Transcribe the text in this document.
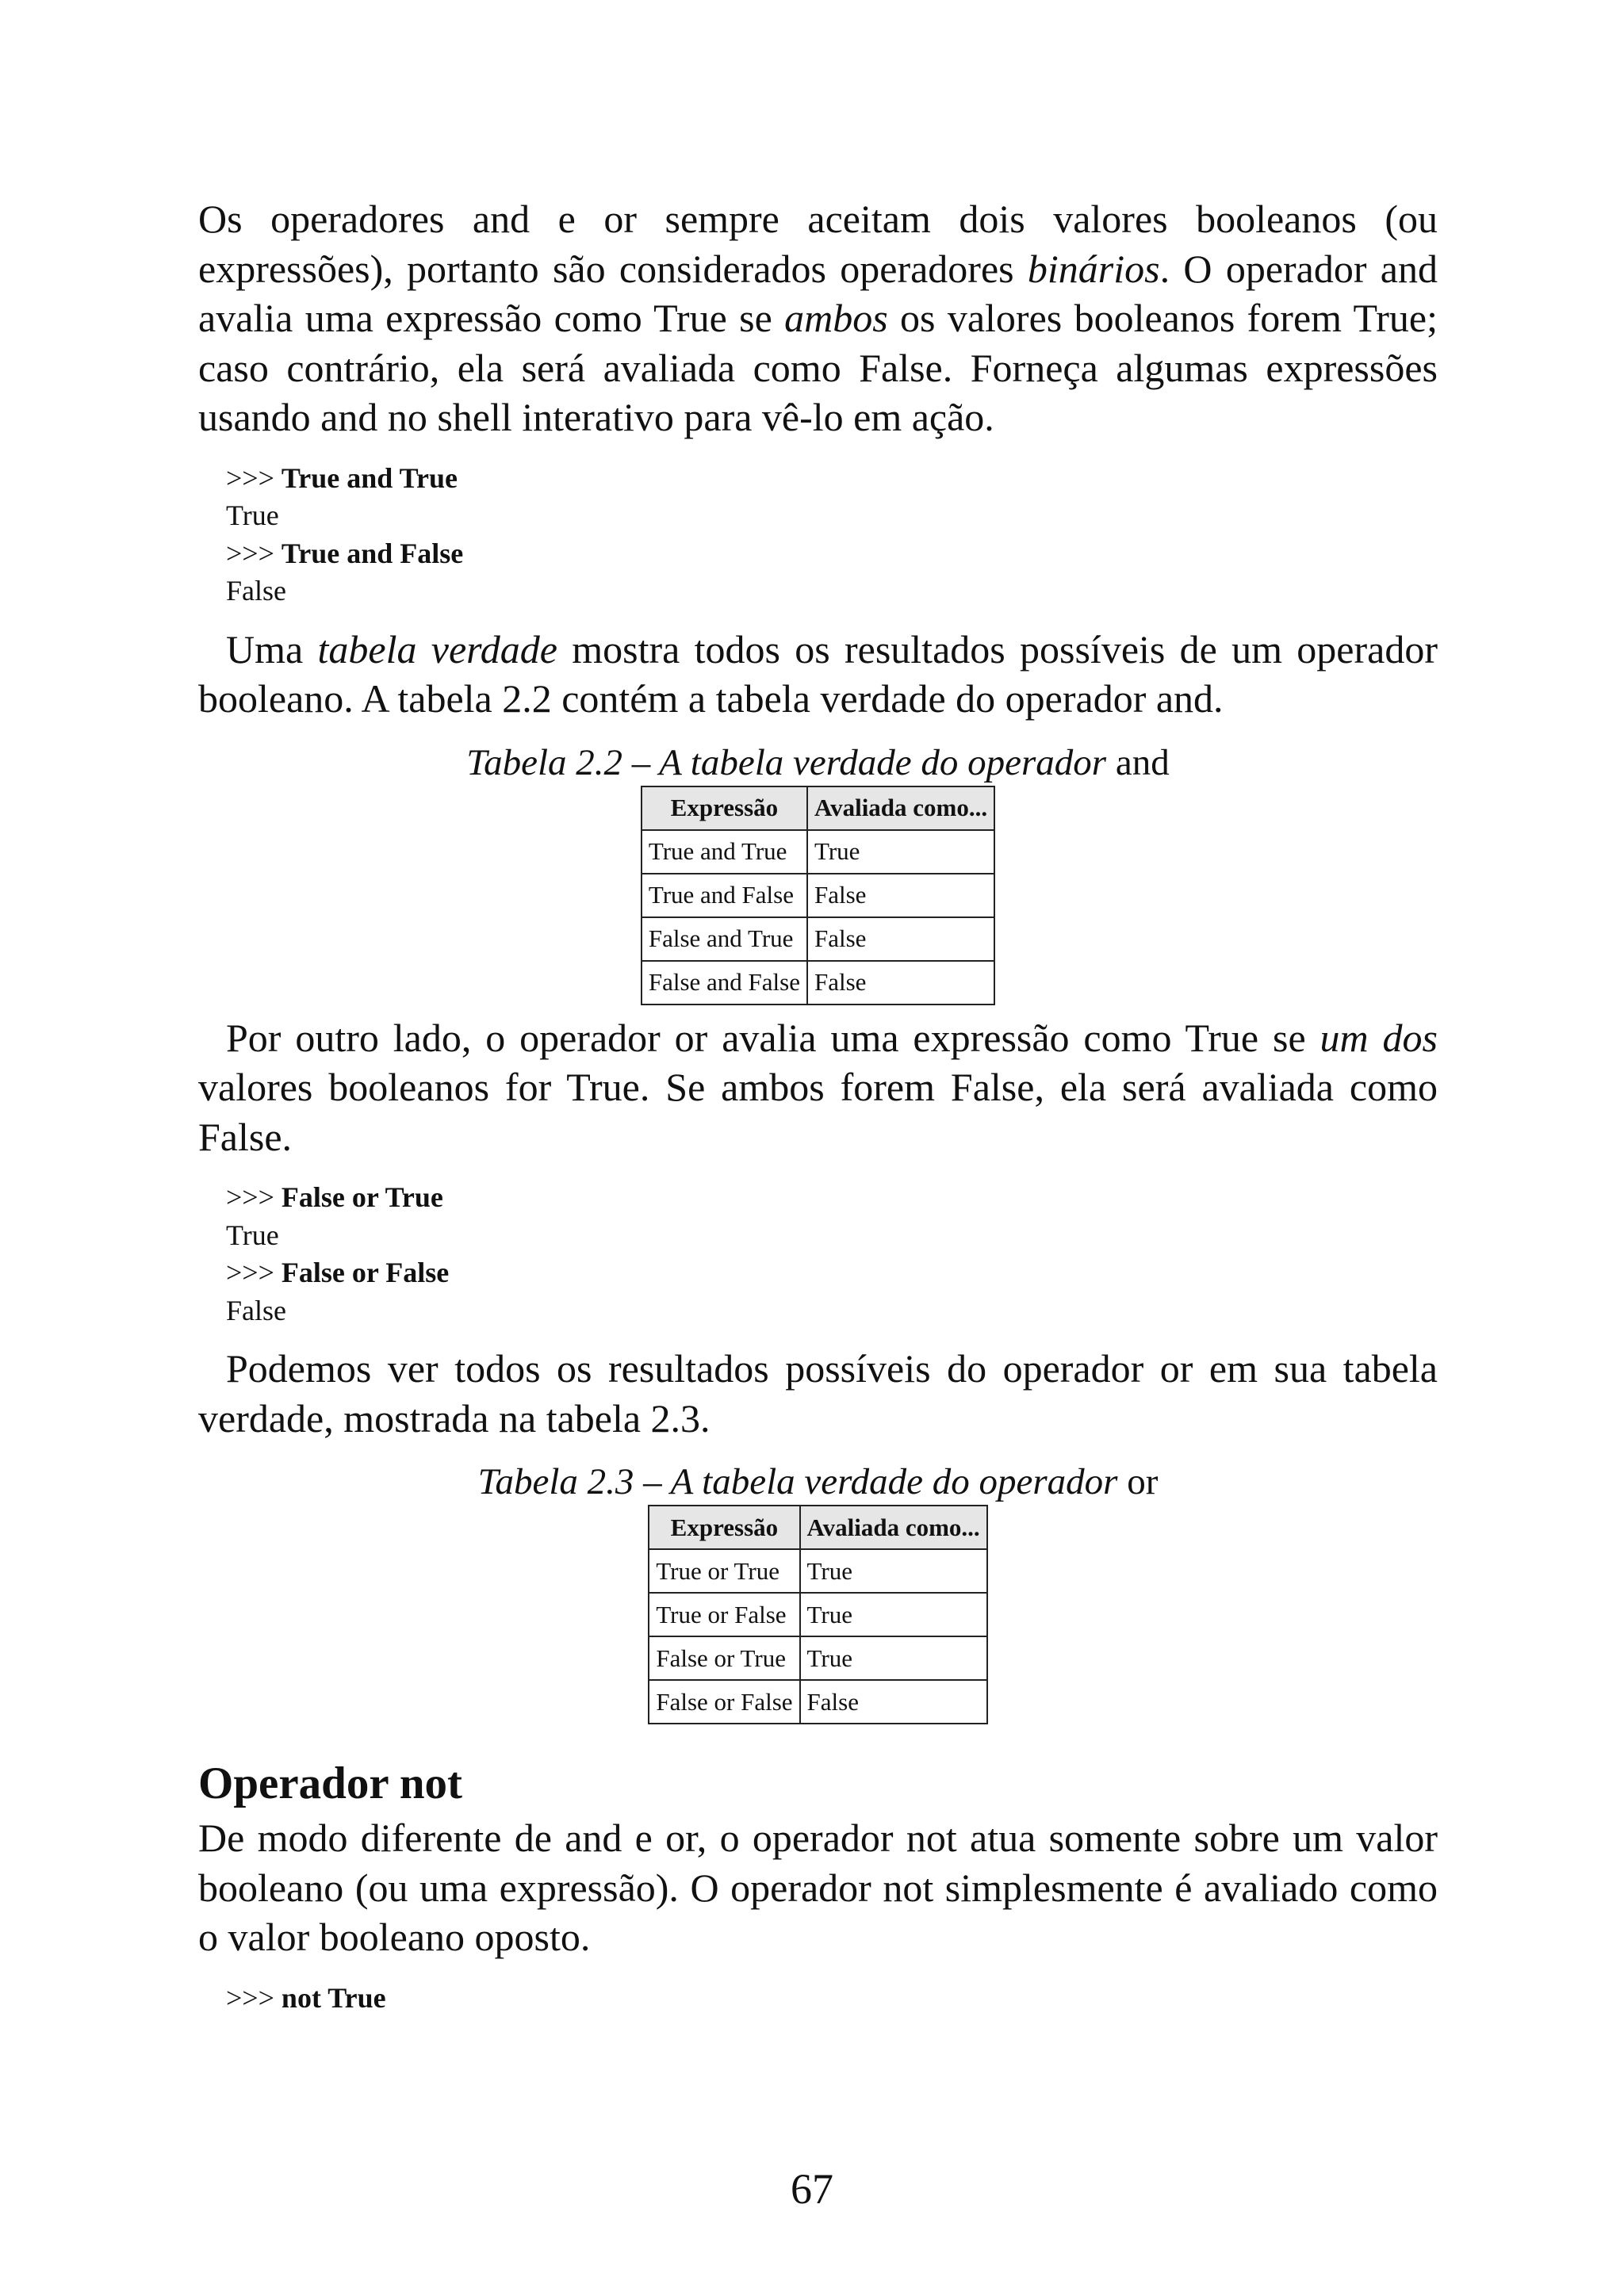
Os operadores and e or sempre aceitam dois valores booleanos (ou expressões), portanto são considerados operadores binários. O operador and avalia uma expressão como True se ambos os valores booleanos forem True; caso contrário, ela será avaliada como False. Forneça algumas expressões usando and no shell interativo para vê-lo em ação.

>>> True and True
True
>>> True and False
False

Uma tabela verdade mostra todos os resultados possíveis de um operador booleano. A tabela 2.2 contém a tabela verdade do operador and.

Tabela 2.2 – A tabela verdade do operador and

Expressão	Avaliada como...
True and True	True
True and False	False
False and True	False
False and False	False

Por outro lado, o operador or avalia uma expressão como True se um dos valores booleanos for True. Se ambos forem False, ela será avaliada como False.

>>> False or True
True
>>> False or False
False

Podemos ver todos os resultados possíveis do operador or em sua tabela verdade, mostrada na tabela 2.3.

Tabela 2.3 – A tabela verdade do operador or

Expressão	Avaliada como...
True or True	True
True or False	True
False or True	True
False or False	False
Operador not

De modo diferente de and e or, o operador not atua somente sobre um valor booleano (ou uma expressão). O operador not simplesmente é avaliado como o valor booleano oposto.

>>> not True
67
